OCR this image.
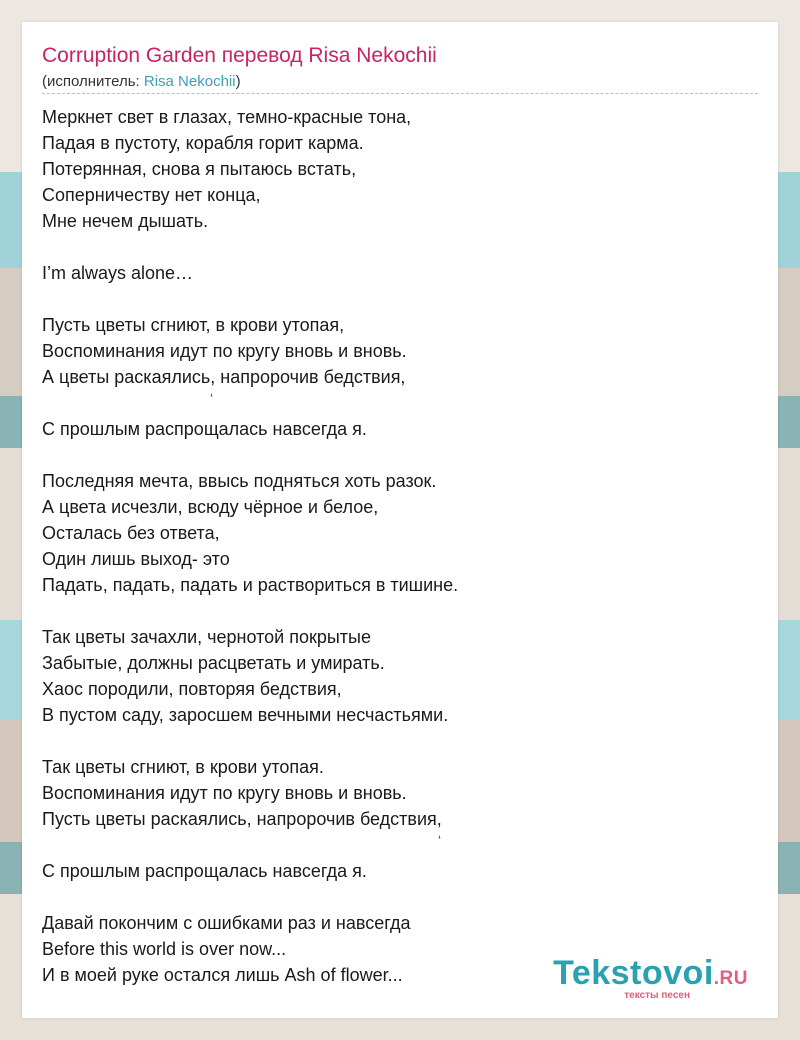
Corruption Garden перевод Risa Nekochii
(исполнитель: Risa Nekochii)
Меркнет свет в глазах, темно-красные тона,
Падая в пустоту, корабля горит карма.
Потерянная, снова я пытаюсь встать,
Соперничеству нет конца,
Мне нечем дышать.
I’m always alone…
Пусть цветы сгниют, в крови утопая,
Воспоминания идут по кругу вновь и вновь.
А цветы раскаялись, напророчив бедствия,
‘
С прошлым распрощалась навсегда я.
Последняя мечта, ввысь подняться хоть разок.
А цвета исчезли, всюду чёрное и белое,
Осталась без ответа,
Один лишь выход- это
Падать, падать, падать и раствориться в тишине.
Так цветы зачахли, чернотой покрытые
Забытые, должны расцветать и умирать.
Хаос породили, повторяя бедствия,
В пустом саду, заросшем вечными несчастьями.
Так цветы сгниют, в крови утопая.
Воспоминания идут по кругу вновь и вновь.
Пусть цветы раскаялись, напророчив бедствия,
‘
С прошлым распрощалась навсегда я.
Давай покончим с ошибками раз и навсегда
Before this world is over now...
И в моей руке остался лишь Ash of flower...	Tekstovoi.RU
тексты песен
